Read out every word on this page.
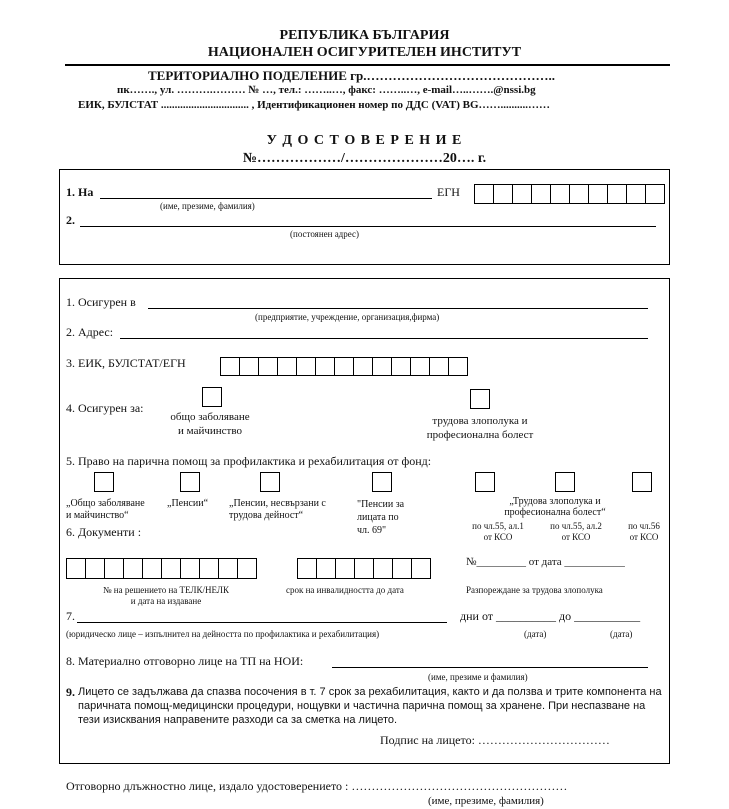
РЕПУБЛИКА БЪЛГАРИЯ
НАЦИОНАЛЕН ОСИГУРИТЕЛЕН ИНСТИТУТ
ТЕРИТОРИАЛНО ПОДЕЛЕНИЕ гр.……………………………………..
пк……., ул. ……….……… № …, тел.: ……..…, факс: ……..…, e-mail…..…….@nssi.bg
ЕИК, БУЛСТАТ ................................ , Идентификационен номер по ДДС (VAT) BG……..........……
У Д О С Т О В Е Р Е Н И Е
№………………/…………………20…. г.
1. На
(име, презиме, фамилия)
ЕГН
2.
(постоянен адрес)
1. Осигурен в
(предприятие, учреждение, организация,фирма)
2. Адрес:
3. ЕИК, БУЛСТАТ/ЕГН
4. Осигурен за:
общо заболяване
и майчинство
трудова злополука и
професионална болест
5. Право на парична помощ за профилактика и рехабилитация от фонд:
„Общо заболяване
и майчинство“
„Пенсии“	„Пенсии, несвързани с
трудова дейност“
"Пенсии за
лицата по
чл. 69"
„Трудова злополука и
професионална болест“
по чл.55, ал.1
от КСО
по чл.55, ал.2
от КСО
по чл.56
от КСО
6. Документи :
№_________ от дата ___________
№ на решението на ТЕЛК/НЕЛК
и дата на издаване
срок на инвалидността до дата	Разпореждане за трудова злополука
7.
(юридическо лице – изпълнител на дейността по профилактика и рехабилитация)
дни от __________ до ___________
(дата)	(дата)
8. Материално отговорно лице на ТП на НОИ:
(име, презиме и фамилия)
9. Лицето се задължава да спазва посочения в т. 7 срок за рехабилитация, както и да ползва и трите компонента на паричната помощ-медицински процедури, нощувки и частична парична помощ за хранене. При неспазване на тези изисквания направените разходи са за сметка на лицето.
Подпис на лицето: ……………………………
Отговорно длъжностно лице, издало удостоверението : ………………………………………………
(име, презиме, фамилия)
